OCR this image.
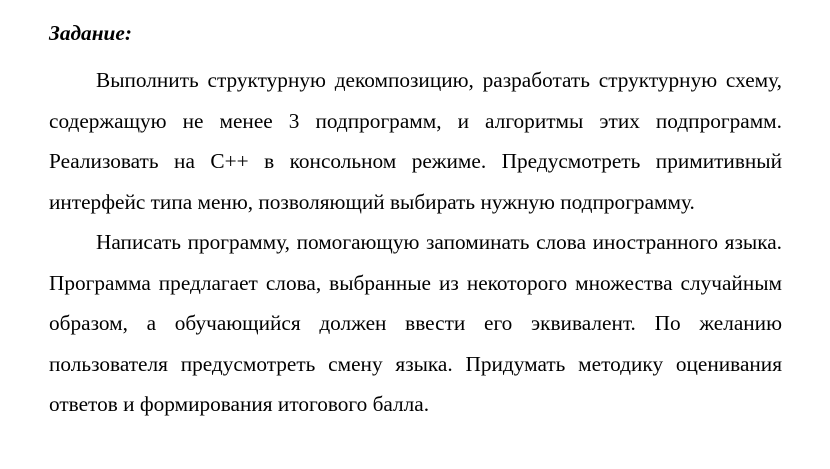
Задание:

Выполнить структурную декомпозицию, разработать структурную схему, содержащую не менее 3 подпрограмм, и алгоритмы этих подпрограмм. Реализовать на C++ в консольном режиме. Предусмотреть примитивный интерфейс типа меню, позволяющий выбирать нужную подпрограмму.

Написать программу, помогающую запоминать слова иностранного языка. Программа предлагает слова, выбранные из некоторого множества случайным образом, а обучающийся должен ввести его эквивалент. По желанию пользователя предусмотреть смену языка. Придумать методику оценивания ответов и формирования итогового балла.
